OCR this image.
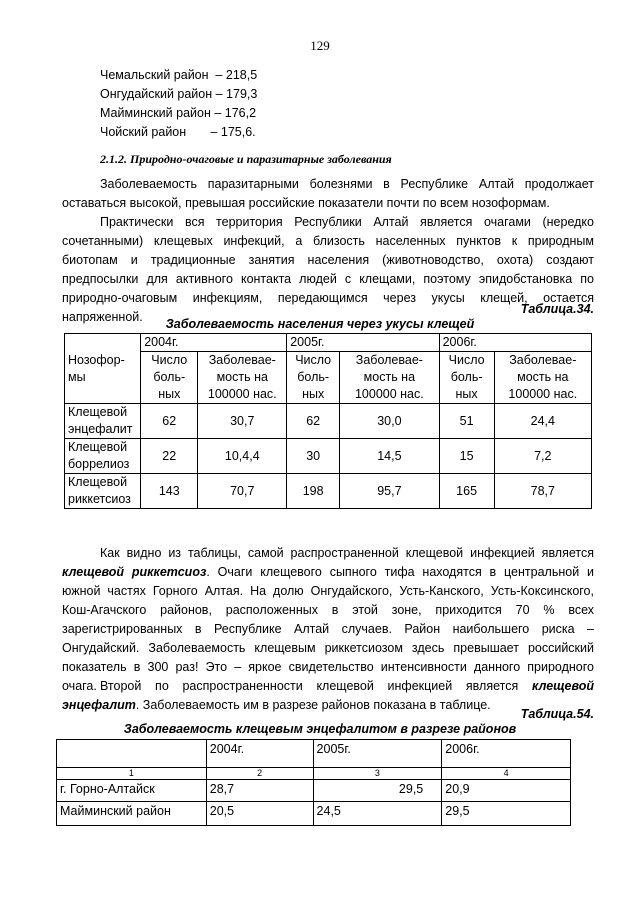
129
Чемальский район  – 218,5
Онгудайский район – 179,3
Майминский район – 176,2
Чойский район       – 175,6.
2.1.2. Природно-очаговые и паразитарные заболевания
Заболеваемость паразитарными болезнями в Республике Алтай продолжает оставаться высокой, превышая российские показатели почти по всем нозоформам.
Практически вся территория Республики Алтай является очагами (нередко сочетанными) клещевых инфекций, а близость населенных пунктов к природным биотопам и традиционные занятия населения (животноводство, охота) создают предпосылки для активного контакта людей с клещами, поэтому эпидобстановка по природно-очаговым инфекциям, передающимся через укусы клещей, остается напряженной.
Таблица.34.
Заболеваемость населения через укусы клещей
Нозофор-мы	2004г.		2005г.		2006г.	
	Число боль-ных	Заболевае-мость на 100000 нас.	Число боль-ных	Заболевае-мость на 100000 нас.	Число боль-ных	Заболевае-мость на 100000 нас.
Клещевой энцефалит	62	30,7	62	30,0	51	24,4
Клещевой боррелиоз	22	10,4,4	30	14,5	15	7,2
Клещевой риккетсиоз	143	70,7	198	95,7	165	78,7
Как видно из таблицы, самой распространенной клещевой инфекцией является клещевой риккетсиоз. Очаги клещевого сыпного тифа находятся в центральной и южной частях Горного Алтая. На долю Онгудайского, Усть-Канского, Усть-Коксинского, Кош-Агачского районов, расположенных в этой зоне, приходится 70 % всех зарегистрированных в Республике Алтай случаев. Район наибольшего риска – Онгудайский. Заболеваемость клещевым риккетсиозом здесь превышает российский показатель в 300 раз! Это – яркое свидетельство интенсивности данного природного очага. Второй по распространенности клещевой инфекцией является клещевой энцефалит. Заболеваемость им в разрезе районов показана в таблице.
Таблица.54.
Заболеваемость клещевым энцефалитом в разрезе районов
	2004г.	2005г.	2006г.
1	2	3	4
г. Горно-Алтайск	28,7	29,5	20,9
Майминский район	20,5	24,5	29,5
